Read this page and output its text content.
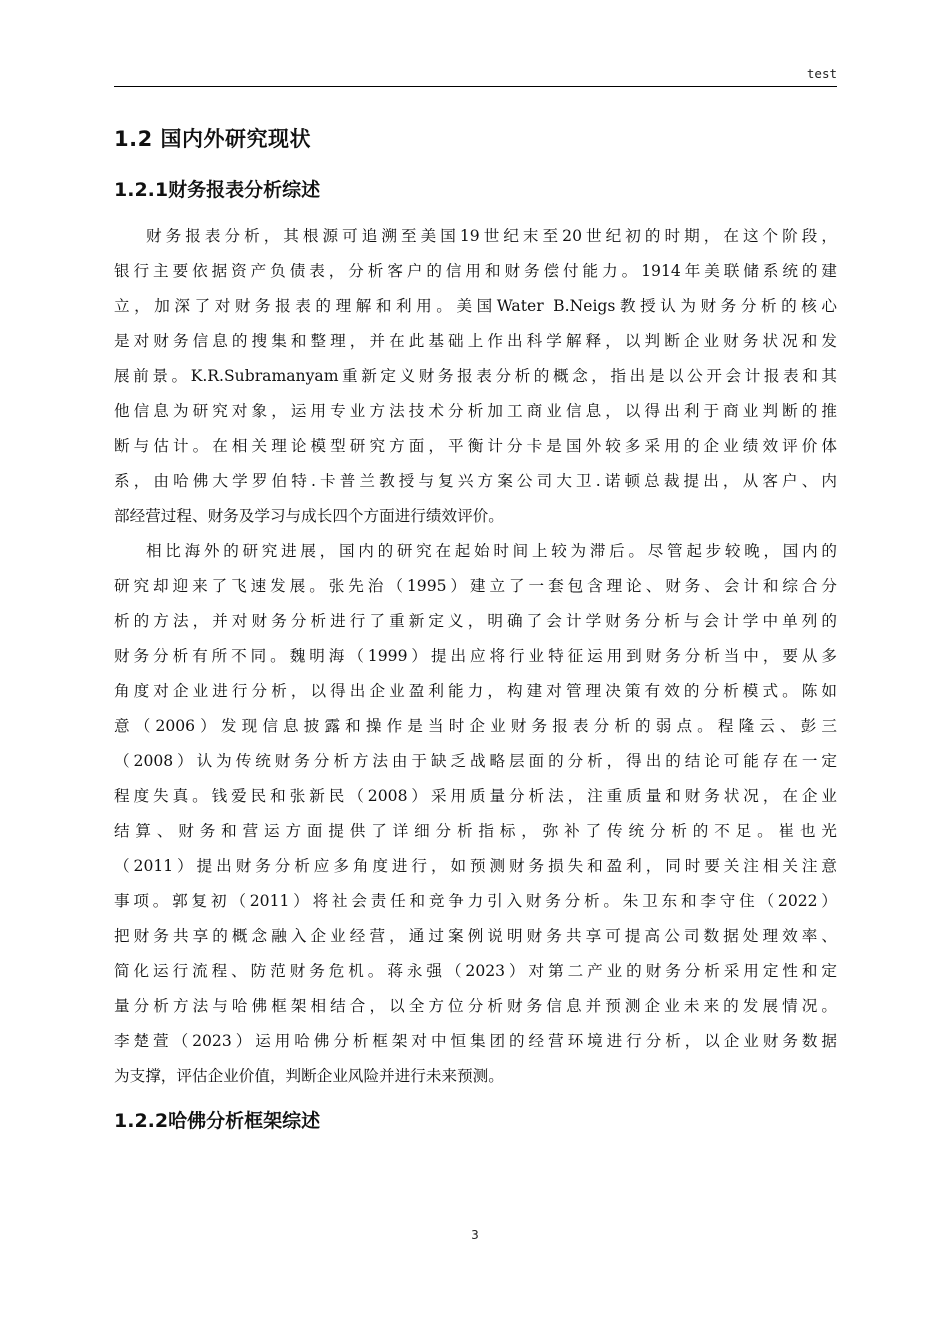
test
1.2 国内外研究现状
1.2.1财务报表分析综述

财务报表分析，其根源可追溯至美国19世纪末至20世纪初的时期，在这个阶段，
银行主要依据资产负债表，分析客户的信用和财务偿付能力。1914年美联储系统的建
立，加深了对财务报表的理解和利用。美国Water B.Neigs教授认为财务分析的核心
是对财务信息的搜集和整理，并在此基础上作出科学解释，以判断企业财务状况和发
展前景。K.R.Subramanyam重新定义财务报表分析的概念，指出是以公开会计报表和其
他信息为研究对象，运用专业方法技术分析加工商业信息，以得出利于商业判断的推
断与估计。在相关理论模型研究方面，平衡计分卡是国外较多采用的企业绩效评价体
系，由哈佛大学罗伯特.卡普兰教授与复兴方案公司大卫.诺顿总裁提出，从客户、内
部经营过程、财务及学习与成长四个方面进行绩效评价。

相比海外的研究进展，国内的研究在起始时间上较为滞后。尽管起步较晚，国内的
研究却迎来了飞速发展。张先治（1995）建立了一套包含理论、财务、会计和综合分
析的方法，并对财务分析进行了重新定义，明确了会计学财务分析与会计学中单列的
财务分析有所不同。魏明海（1999）提出应将行业特征运用到财务分析当中，要从多
角度对企业进行分析，以得出企业盈利能力，构建对管理决策有效的分析模式。陈如
意（2006）发现信息披露和操作是当时企业财务报表分析的弱点。程隆云、彭三
（2008）认为传统财务分析方法由于缺乏战略层面的分析，得出的结论可能存在一定
程度失真。钱爱民和张新民（2008）采用质量分析法，注重质量和财务状况，在企业
结算、财务和营运方面提供了详细分析指标，弥补了传统分析的不足。崔也光
（2011）提出财务分析应多角度进行，如预测财务损失和盈利，同时要关注相关注意
事项。郭复初（2011）将社会责任和竞争力引入财务分析。朱卫东和李守住（2022）
把财务共享的概念融入企业经营，通过案例说明财务共享可提高公司数据处理效率、
简化运行流程、防范财务危机。蒋永强（2023）对第二产业的财务分析采用定性和定
量分析方法与哈佛框架相结合，以全方位分析财务信息并预测企业未来的发展情况。
李楚萱（2023）运用哈佛分析框架对中恒集团的经营环境进行分析，以企业财务数据
为支撑，评估企业价值，判断企业风险并进行未来预测。

1.2.2哈佛分析框架综述
3
